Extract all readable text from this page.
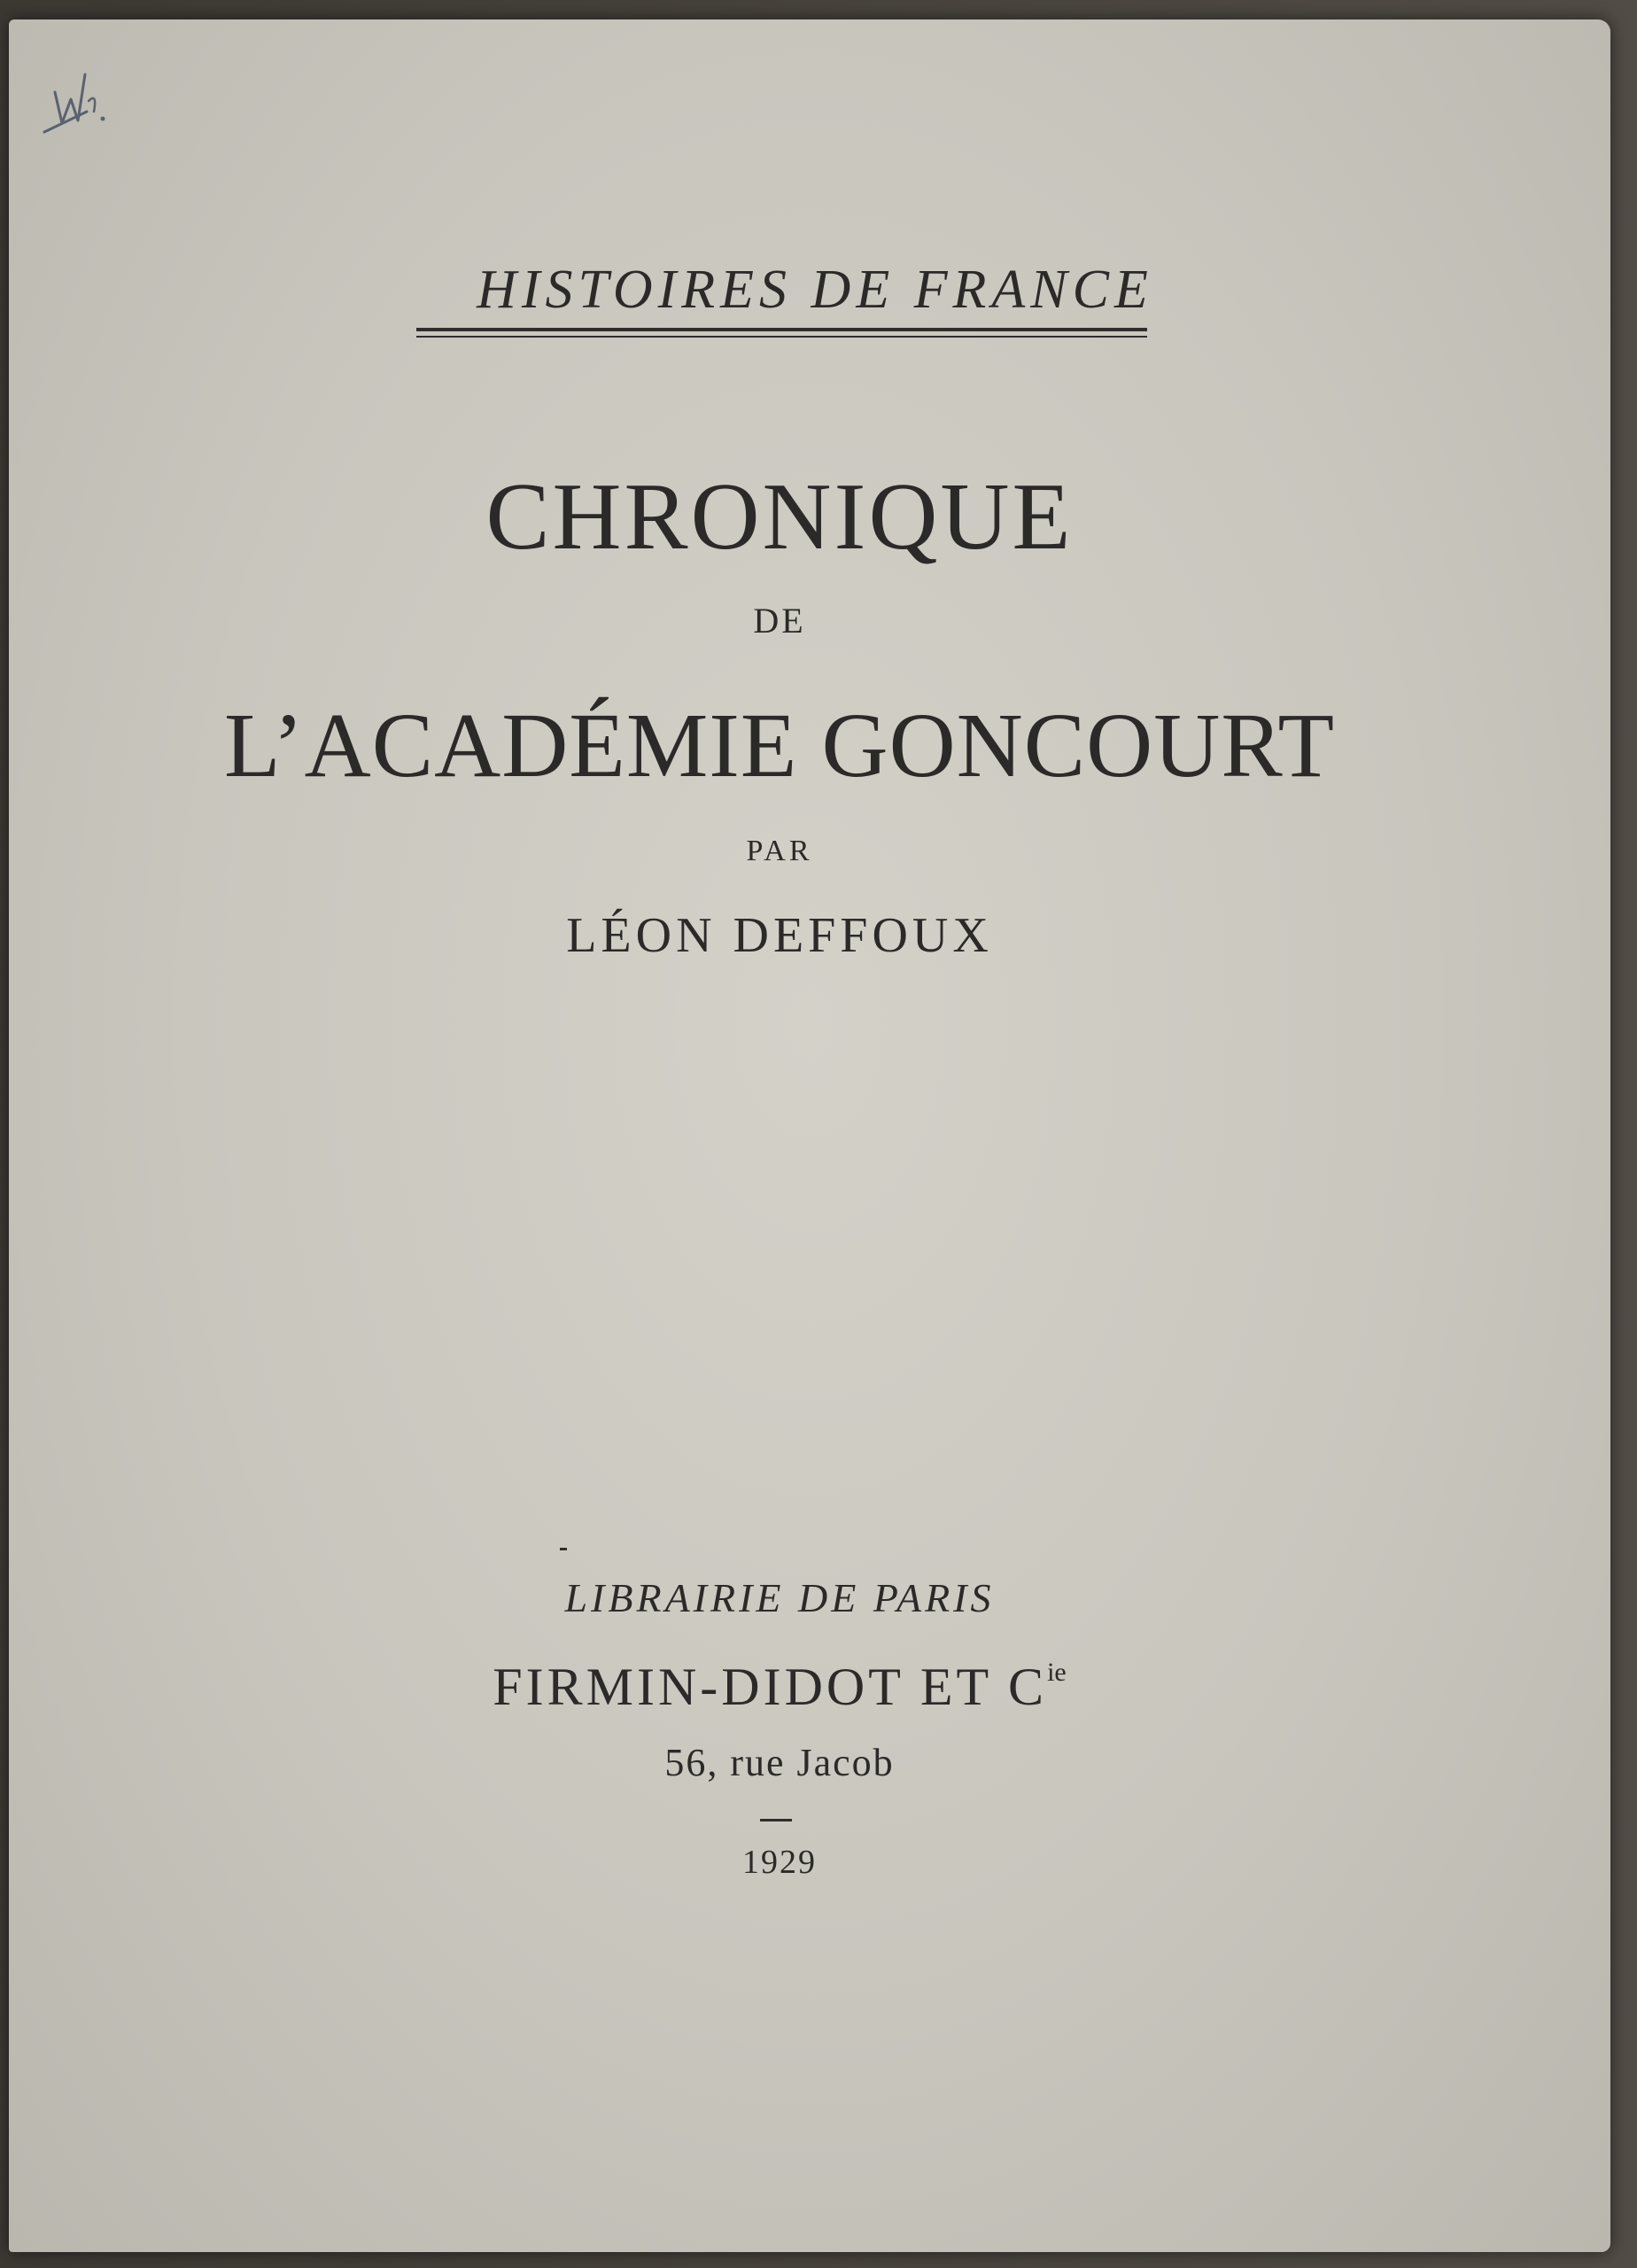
HISTOIRES DE FRANCE

CHRONIQUE

DE

L’ACADÉMIE GONCOURT

PAR

LÉON DEFFOUX

LIBRAIRIE DE PARIS

FIRMIN-DIDOT ET $C^{ie}$

56, rue Jacob

1929
